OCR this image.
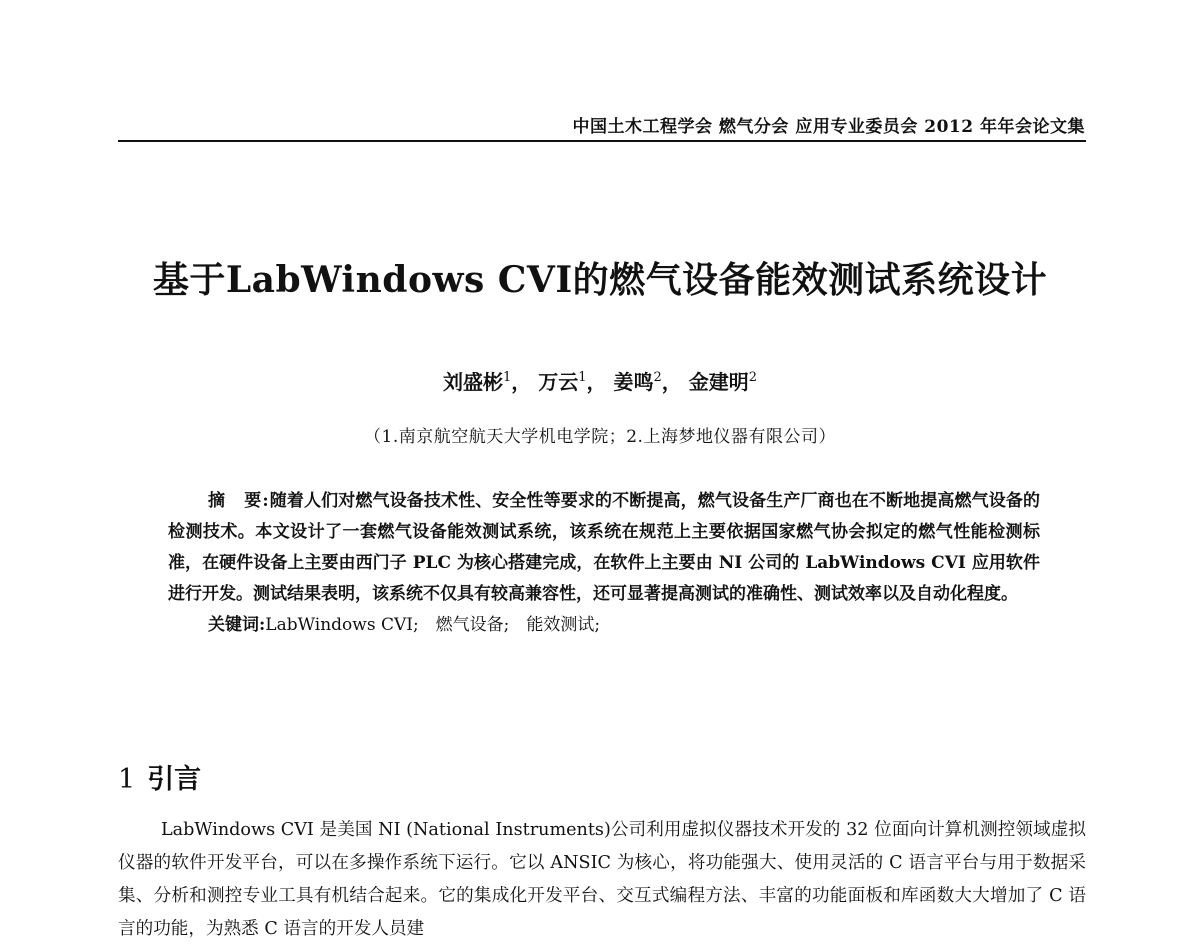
中国土木工程学会 燃气分会 应用专业委员会 2012 年年会论文集
基于LabWindows CVI的燃气设备能效测试系统设计
刘盛彬$^1$， 万云$^1$， 姜鸣$^2$， 金建明$^2$
（1.南京航空航天大学机电学院；2.上海梦地仪器有限公司）

摘　要:随着人们对燃气设备技术性、安全性等要求的不断提高，燃气设备生产厂商也在不断地提高燃气设备的检测技术。本文设计了一套燃气设备能效测试系统，该系统在规范上主要依据国家燃气协会拟定的燃气性能检测标准，在硬件设备上主要由西门子 PLC 为核心搭建完成，在软件上主要由 NI 公司的 LabWindows CVI 应用软件进行开发。测试结果表明，该系统不仅具有较高兼容性，还可显著提高测试的准确性、测试效率以及自动化程度。

关键词:LabWindows CVI;　燃气设备;　能效测试;

1 引言

LabWindows CVI 是美国 NI (National Instruments)公司利用虚拟仪器技术开发的 32 位面向计算机测控领域虚拟仪器的软件开发平台，可以在多操作系统下运行。它以 ANSIC 为核心，将功能强大、使用灵活的 C 语言平台与用于数据采集、分析和测控专业工具有机结合起来。它的集成化开发平台、交互式编程方法、丰富的功能面板和库函数大大增加了 C 语言的功能，为熟悉 C 语言的开发人员建
